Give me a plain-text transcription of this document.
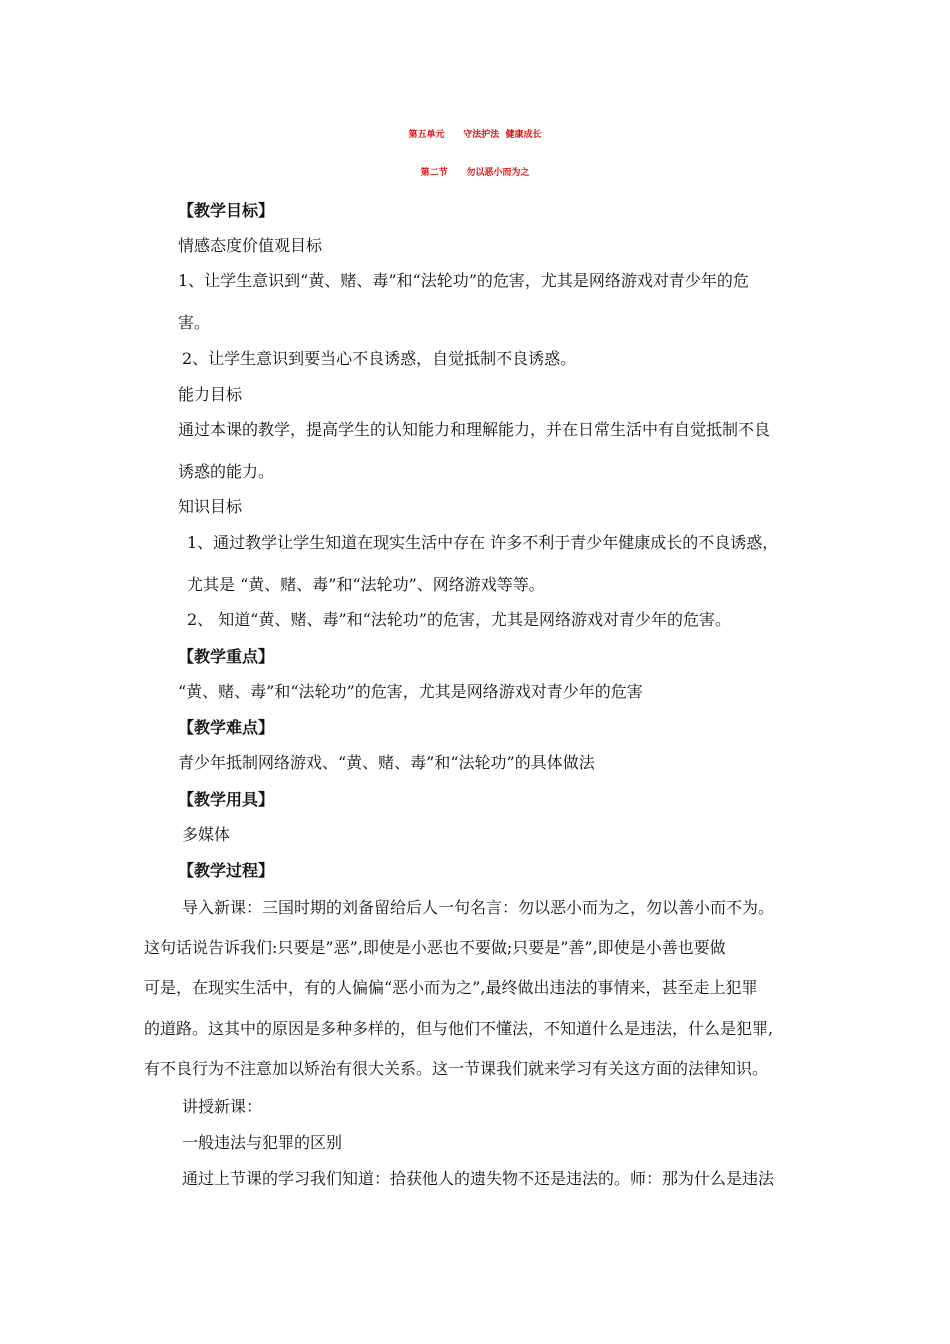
第五单元      守法护法  健康成长
第二节      勿以恶小而为之
【教学目标】
情感态度价值观目标
1、让学生意识到“黄、赌、毒”和“法轮功”的危害，尤其是网络游戏对青少年的危
害。
2、让学生意识到要当心不良诱惑，自觉抵制不良诱惑。
能力目标
通过本课的教学，提高学生的认知能力和理解能力，并在日常生活中有自觉抵制不良
诱惑的能力。
知识目标
1、通过教学让学生知道在现实生活中存在 许多不利于青少年健康成长的不良诱惑，
尤其是 “黄、赌、毒”和“法轮功”、网络游戏等等。
2、 知道“黄、赌、毒”和“法轮功”的危害，尤其是网络游戏对青少年的危害。
【教学重点】
“黄、赌、毒”和“法轮功”的危害，尤其是网络游戏对青少年的危害
【教学难点】
青少年抵制网络游戏、“黄、赌、毒”和“法轮功”的具体做法
【教学用具】
多媒体
【教学过程】
导入新课：三国时期的刘备留给后人一句名言：勿以恶小而为之，勿以善小而不为。
这句话说告诉我们:只要是”恶”,即使是小恶也不要做;只要是”善”,即使是小善也要做
可是，在现实生活中，有的人偏偏“恶小而为之”,最终做出违法的事情来，甚至走上犯罪
的道路。这其中的原因是多种多样的，但与他们不懂法，不知道什么是违法，什么是犯罪,
有不良行为不注意加以矫治有很大关系。这一节课我们就来学习有关这方面的法律知识。
讲授新课：
一般违法与犯罪的区别
通过上节课的学习我们知道：拾获他人的遗失物不还是违法的。师：那为什么是违法
